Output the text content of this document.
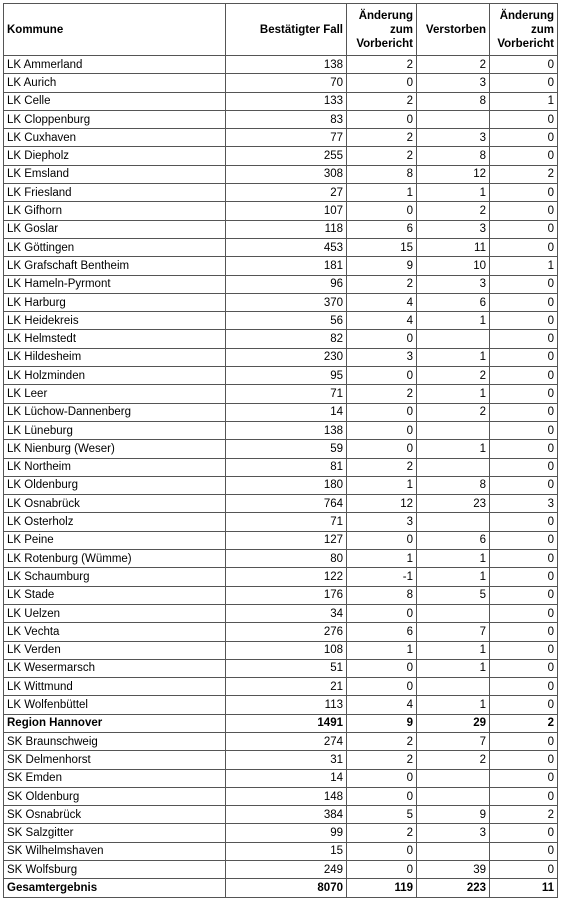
Kommune	Bestätigter Fall	Änderung zum Vorbericht	Verstorben	Änderung zum Vorbericht
LK Ammerland	138	2	2	0
LK Aurich	70	0	3	0
LK Celle	133	2	8	1
LK Cloppenburg	83	0		0
LK Cuxhaven	77	2	3	0
LK Diepholz	255	2	8	0
LK Emsland	308	8	12	2
LK Friesland	27	1	1	0
LK Gifhorn	107	0	2	0
LK Goslar	118	6	3	0
LK Göttingen	453	15	11	0
LK Grafschaft Bentheim	181	9	10	1
LK Hameln-Pyrmont	96	2	3	0
LK Harburg	370	4	6	0
LK Heidekreis	56	4	1	0
LK Helmstedt	82	0		0
LK Hildesheim	230	3	1	0
LK Holzminden	95	0	2	0
LK Leer	71	2	1	0
LK Lüchow-Dannenberg	14	0	2	0
LK Lüneburg	138	0		0
LK Nienburg (Weser)	59	0	1	0
LK Northeim	81	2		0
LK Oldenburg	180	1	8	0
LK Osnabrück	764	12	23	3
LK Osterholz	71	3		0
LK Peine	127	0	6	0
LK Rotenburg (Wümme)	80	1	1	0
LK Schaumburg	122	-1	1	0
LK Stade	176	8	5	0
LK Uelzen	34	0		0
LK Vechta	276	6	7	0
LK Verden	108	1	1	0
LK Wesermarsch	51	0	1	0
LK Wittmund	21	0		0
LK Wolfenbüttel	113	4	1	0
Region Hannover	1491	9	29	2
SK Braunschweig	274	2	7	0
SK Delmenhorst	31	2	2	0
SK Emden	14	0		0
SK Oldenburg	148	0		0
SK Osnabrück	384	5	9	2
SK Salzgitter	99	2	3	0
SK Wilhelmshaven	15	0		0
SK Wolfsburg	249	0	39	0
Gesamtergebnis	8070	119	223	11
